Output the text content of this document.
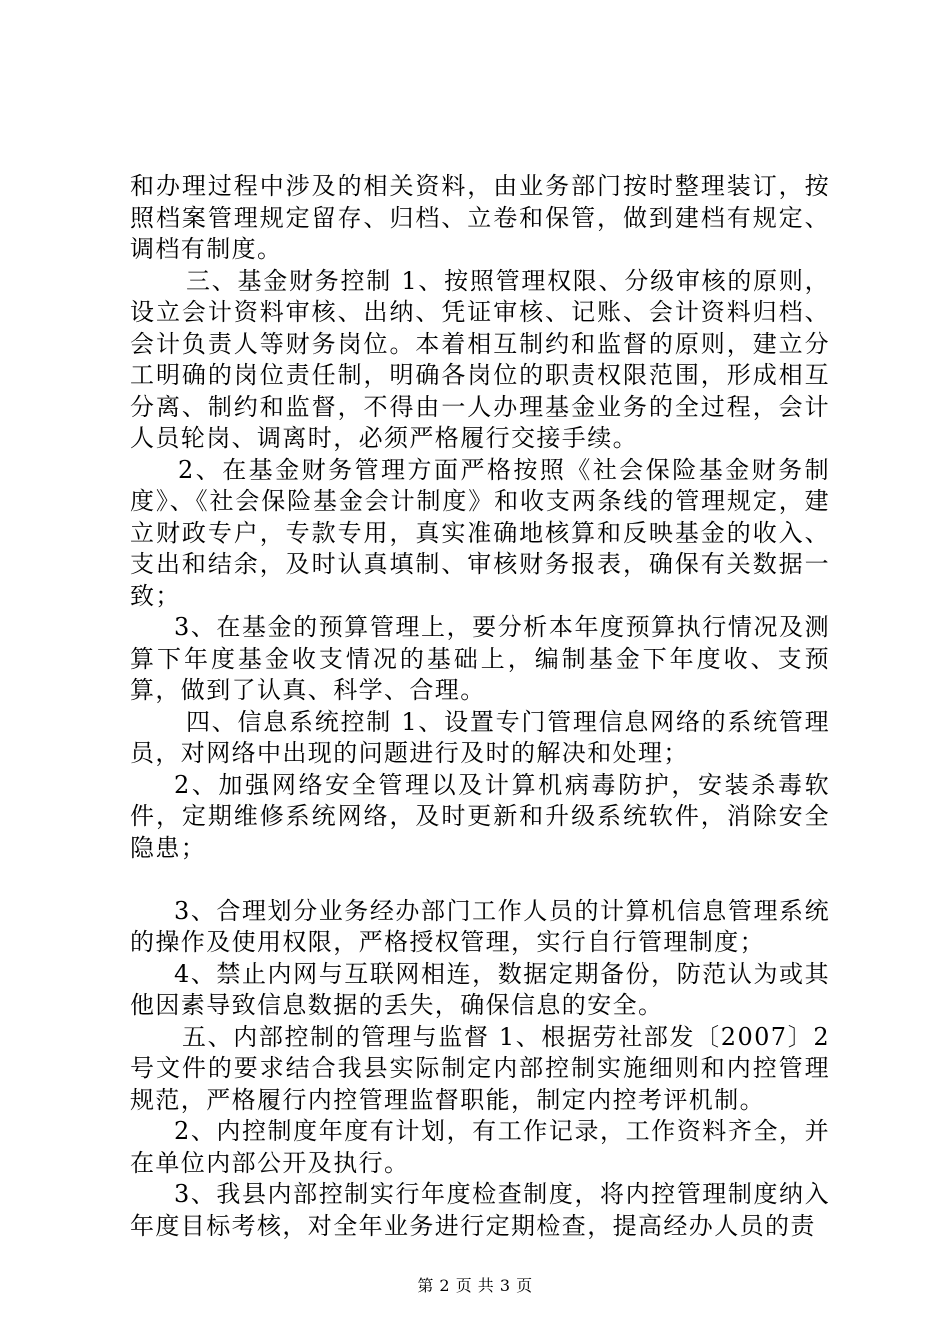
和办理过程中涉及的相关资料，由业务部门按时整理装订，按照档案管理规定留存、归档、立卷和保管，做到建档有规定、调档有制度。

三、基金财务控制 1、按照管理权限、分级审核的原则，设立会计资料审核、出纳、凭证审核、记账、会计资料归档、会计负责人等财务岗位。本着相互制约和监督的原则，建立分工明确的岗位责任制，明确各岗位的职责权限范围，形成相互分离、制约和监督，不得由一人办理基金业务的全过程，会计人员轮岗、调离时，必须严格履行交接手续。

2、在基金财务管理方面严格按照《社会保险基金财务制度》、《社会保险基金会计制度》和收支两条线的管理规定，建立财政专户，专款专用，真实准确地核算和反映基金的收入、支出和结余，及时认真填制、审核财务报表，确保有关数据一致；

3、在基金的预算管理上，要分析本年度预算执行情况及测算下年度基金收支情况的基础上，编制基金下年度收、支预算，做到了认真、科学、合理。

四、信息系统控制 1、设置专门管理信息网络的系统管理员，对网络中出现的问题进行及时的解决和处理；

2、加强网络安全管理以及计算机病毒防护，安装杀毒软件，定期维修系统网络，及时更新和升级系统软件，消除安全隐患；

3、合理划分业务经办部门工作人员的计算机信息管理系统的操作及使用权限，严格授权管理，实行自行管理制度；

4、禁止内网与互联网相连，数据定期备份，防范认为或其他因素导致信息数据的丢失，确保信息的安全。

五、内部控制的管理与监督 1、根据劳社部发〔2007〕2 号文件的要求结合我县实际制定内部控制实施细则和内控管理规范，严格履行内控管理监督职能，制定内控考评机制。

2、内控制度年度有计划，有工作记录，工作资料齐全，并在单位内部公开及执行。

3、我县内部控制实行年度检查制度，将内控管理制度纳入年度目标考核，对全年业务进行定期检查，提高经办人员的责

第 2 页 共 3 页
